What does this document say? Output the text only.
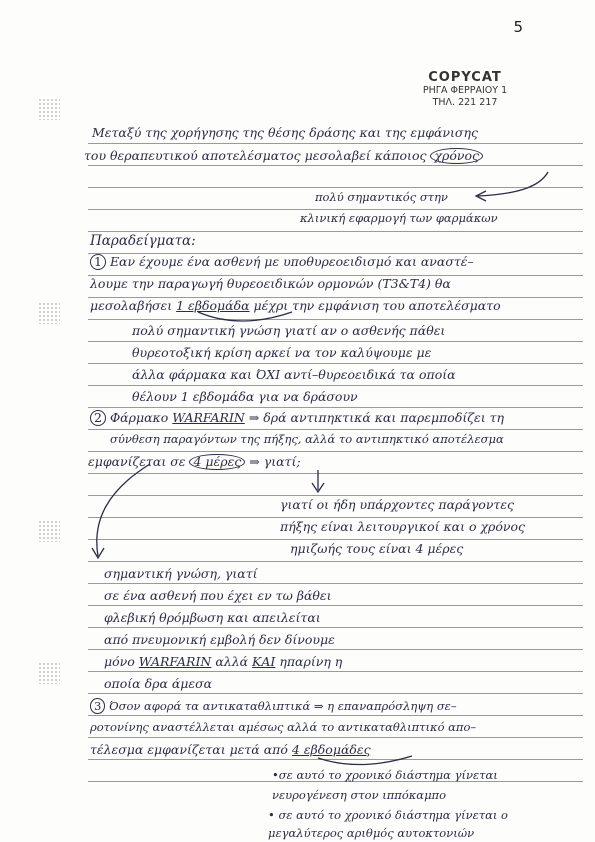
5
COPYCAT
ΡΗΓΑ ΦΕΡΡΑΙΟΥ 1
ΤΗΛ. 221 217
Μεταξύ της χορήγησης της θέσης δράσης και της εμφάνισης
του θεραπευτικού αποτελέσματος μεσολαβεί κάποιος χρόνος
πολύ σημαντικός στην
κλινική εφαρμογή των φαρμάκων
Παραδείγματα:
1 Εαν έχουμε ένα ασθενή με υποθυρεοειδισμό και αναστέ–
λουμε την παραγωγή θυρεοειδικών ορμονών (Τ3&Τ4) θα
μεσολαβήσει 1 εβδομάδα μέχρι την εμφάνιση του αποτελέσματο
πολύ σημαντική γνώση γιατί αν ο ασθενής πάθει
θυρεοτοξική κρίση αρκεί να τον καλύψουμε με
άλλα φάρμακα και ΌΧΙ αντί–θυρεοειδικά τα οποία
θέλουν 1 εβδομάδα για να δράσουν
2 Φάρμακο WARFARIN ⇒ δρά αντιπηκτικά και παρεμποδίζει τη
σύνθεση παραγόντων της πήξης, αλλά το αντιπηκτικό αποτέλεσμα
εμφανίζεται σε 4 μέρες ⇒ γιατί;
γιατί οι ήδη υπάρχοντες παράγοντες
πήξης είναι λειτουργικοί και ο χρόνος
ημιζωής τους είναι 4 μέρες
σημαντική γνώση, γιατί
σε ένα ασθενή που έχει εν τω βάθει
φλεβική θρόμβωση και απειλείται
από πνευμονική εμβολή δεν δίνουμε
μόνο WARFARIN αλλά ΚΑΙ ηπαρίνη η
οποία δρα άμεσα
3 Όσον αφορά τα αντικαταθλιπτικά ⇒ η επαναπρόσληψη σε–
ροτονίνης αναστέλλεται αμέσως αλλά το αντικαταθλιπτικό απο–
τέλεσμα εμφανίζεται μετά από 4 εβδομάδες
•σε αυτό το χρονικό διάστημα γίνεται
νευρογένεση στον ιππόκαμπο
• σε αυτό το χρονικό διάστημα γίνεται ο
μεγαλύτερος αριθμός αυτοκτονιών
